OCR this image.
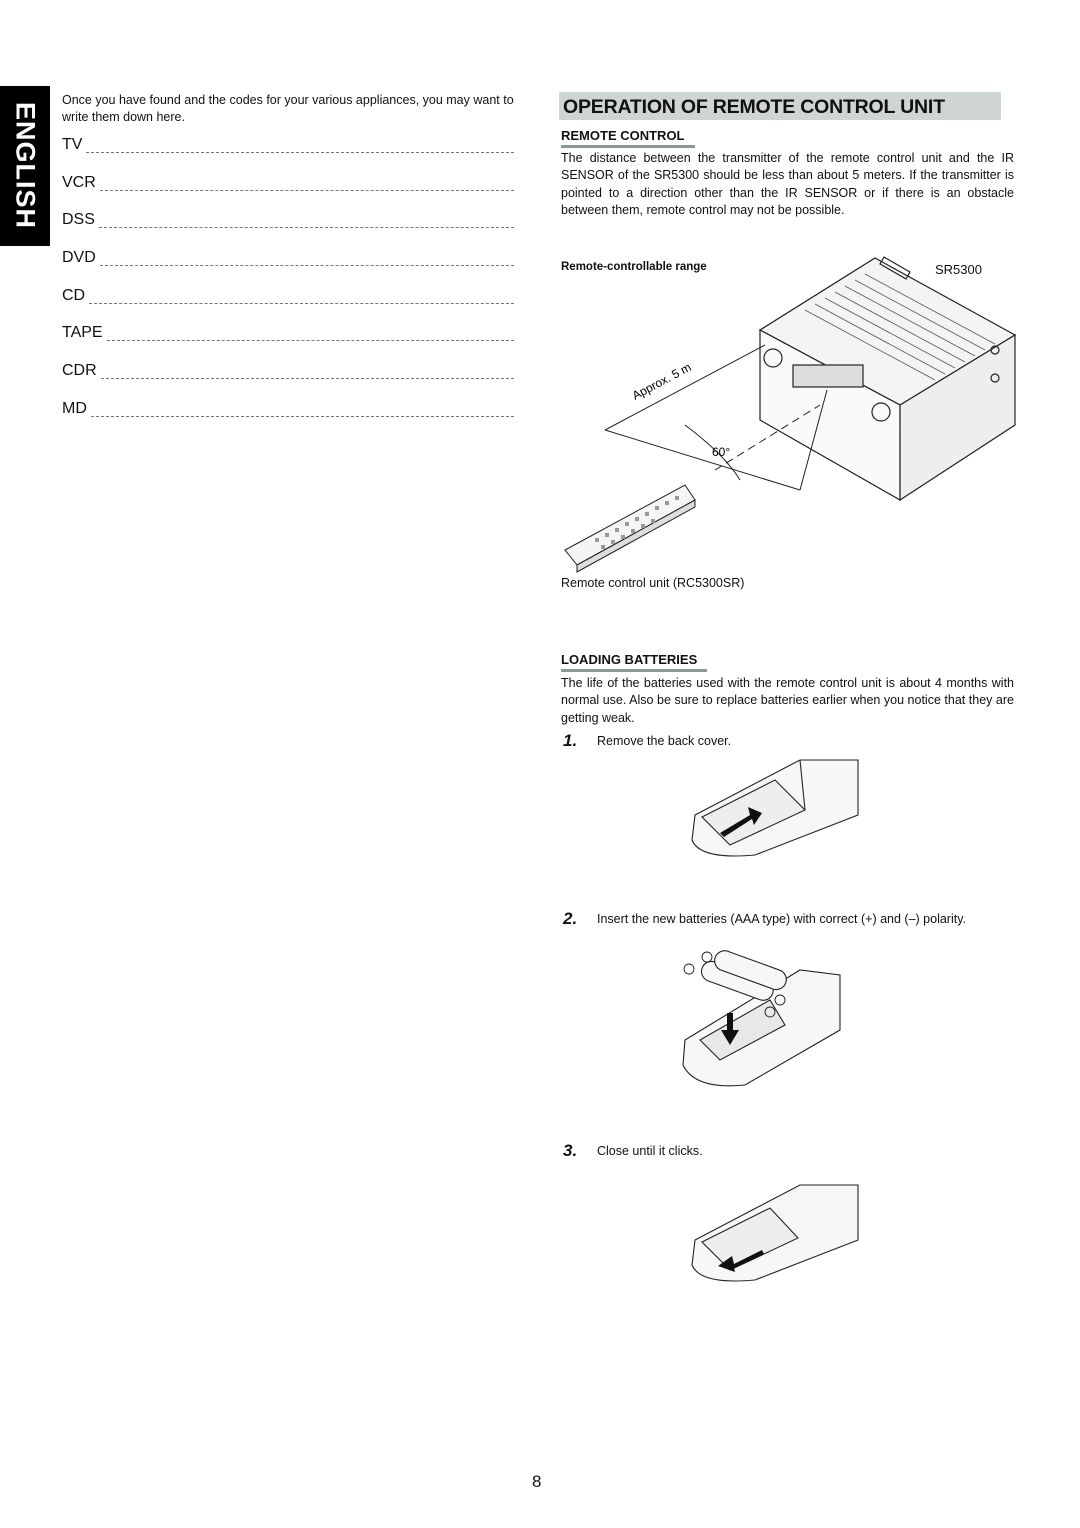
ENGLISH
Once you have found and the codes for your various appliances, you may want to write them down here.
TV
VCR
DSS
DVD
CD
TAPE
CDR
MD
OPERATION OF REMOTE CONTROL UNIT
REMOTE CONTROL
The distance between the transmitter of the remote control unit and the IR SENSOR of the SR5300 should be less than about 5 meters. If the transmitter is pointed to a direction other than the IR SENSOR or if there is an obstacle between them, remote control may not be possible.
Remote-controllable range	SR5300
Approx. 5 m
60°
Remote control unit (RC5300SR)
LOADING BATTERIES
The life of the batteries used with the remote control unit is about 4 months with normal use. Also be sure to replace batteries earlier when you notice that they are getting weak.
1.	Remove the back cover.
2.	Insert the new batteries (AAA type) with correct (+) and (–) polarity.
3.	Close until it clicks.
8
